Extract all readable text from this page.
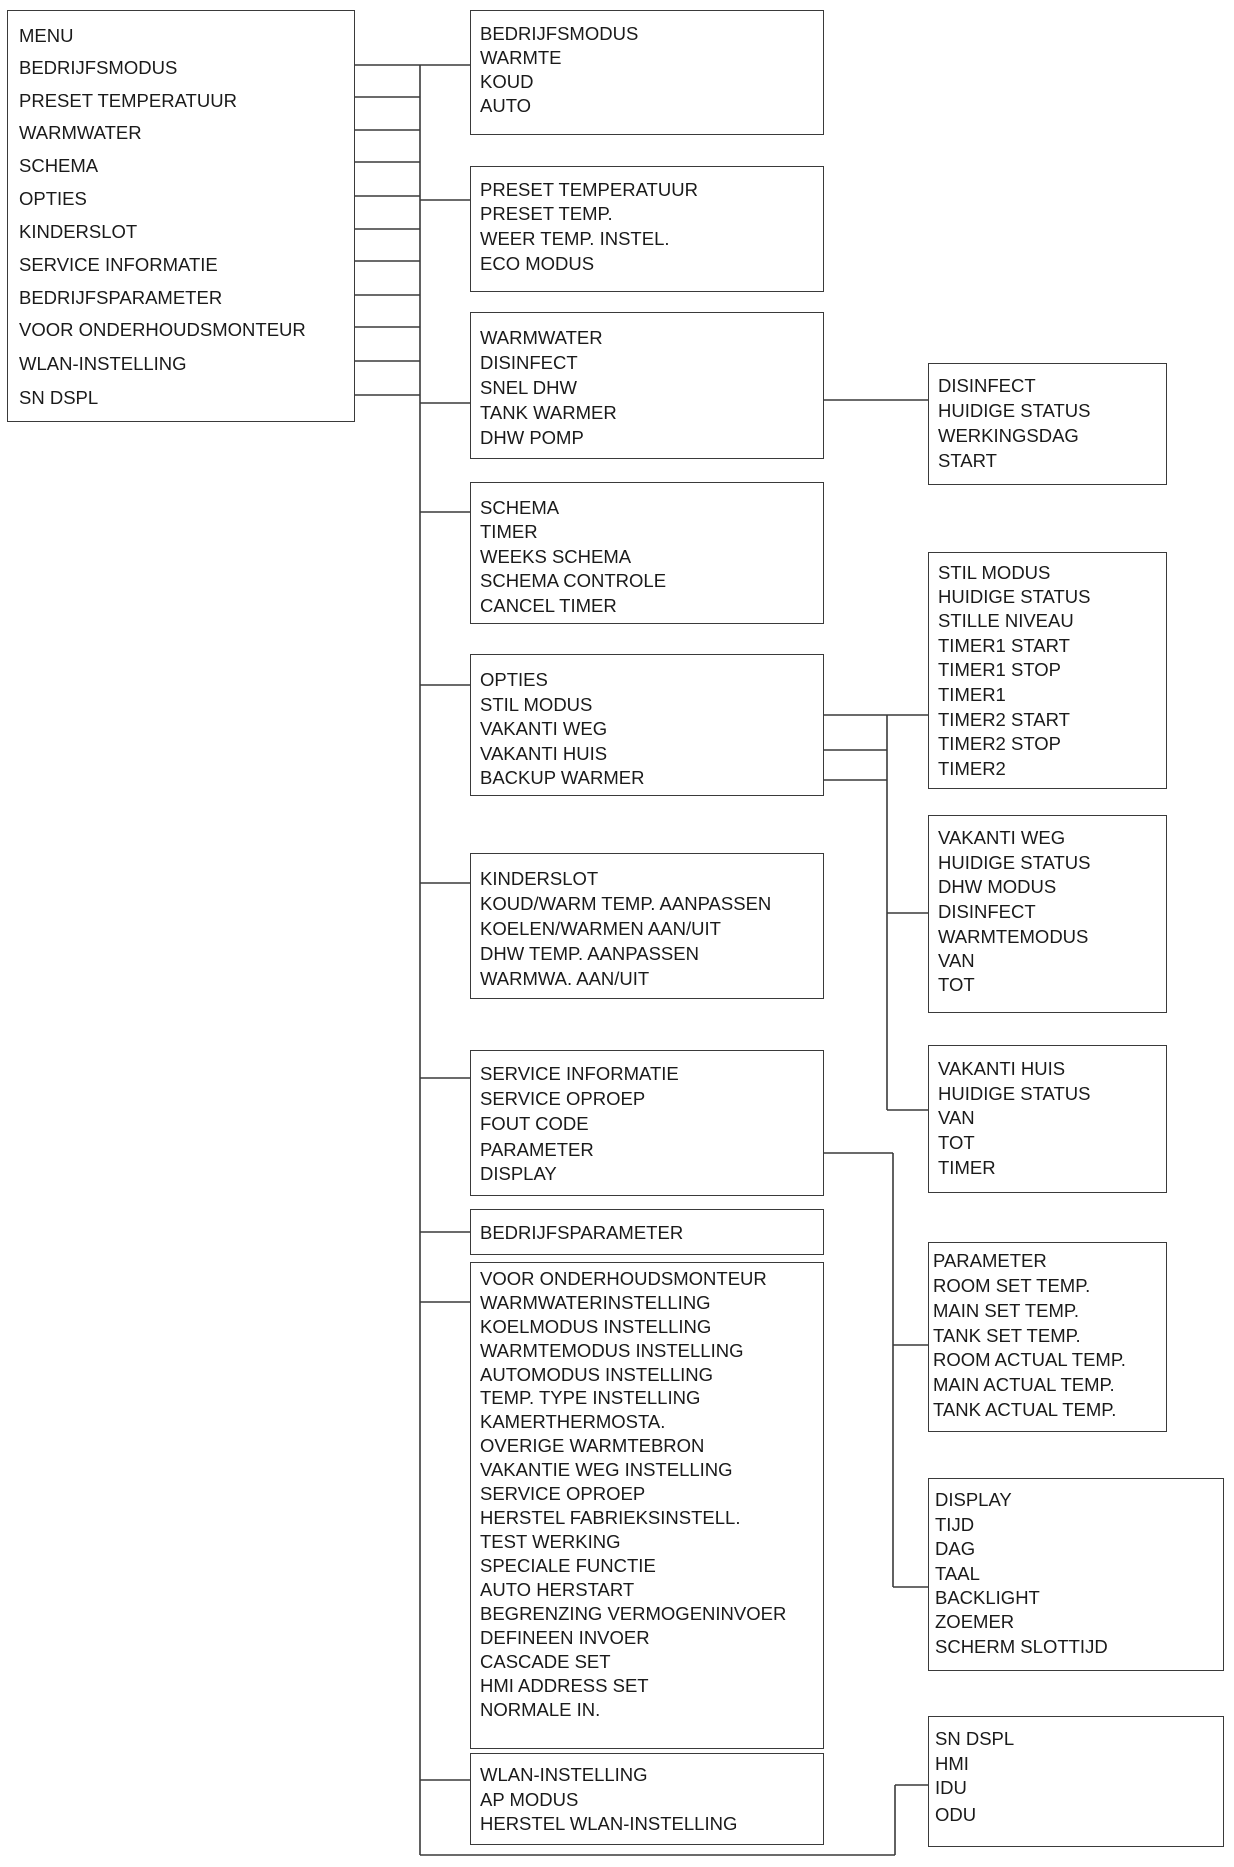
MENU
BEDRIJFSMODUS
PRESET TEMPERATUUR
WARMWATER
SCHEMA
OPTIES
KINDERSLOT
SERVICE INFORMATIE
BEDRIJFSPARAMETER
VOOR ONDERHOUDSMONTEUR
WLAN-INSTELLING
SN DSPL
BEDRIJFSMODUS
WARMTE
KOUD
AUTO
PRESET TEMPERATUUR
PRESET TEMP.
WEER TEMP. INSTEL.
ECO MODUS
WARMWATER
DISINFECT
SNEL DHW
TANK WARMER
DHW POMP
SCHEMA
TIMER
WEEKS SCHEMA
SCHEMA CONTROLE
CANCEL TIMER
OPTIES
STIL MODUS
VAKANTI WEG
VAKANTI HUIS
BACKUP WARMER
KINDERSLOT
KOUD/WARM TEMP. AANPASSEN
KOELEN/WARMEN AAN/UIT
DHW TEMP. AANPASSEN
WARMWA. AAN/UIT
SERVICE INFORMATIE
SERVICE OPROEP
FOUT CODE
PARAMETER
DISPLAY
BEDRIJFSPARAMETER
VOOR ONDERHOUDSMONTEUR
WARMWATERINSTELLING
KOELMODUS INSTELLING
WARMTEMODUS INSTELLING
AUTOMODUS INSTELLING
TEMP. TYPE INSTELLING
KAMERTHERMOSTA.
OVERIGE WARMTEBRON
VAKANTIE WEG INSTELLING
SERVICE OPROEP
HERSTEL FABRIEKSINSTELL.
TEST WERKING
SPECIALE FUNCTIE
AUTO HERSTART
BEGRENZING VERMOGENINVOER
DEFINEEN INVOER
CASCADE SET
HMI ADDRESS SET
NORMALE IN.
WLAN-INSTELLING
AP MODUS
HERSTEL WLAN-INSTELLING
DISINFECT
HUIDIGE STATUS
WERKINGSDAG
START
STIL MODUS
HUIDIGE STATUS
STILLE NIVEAU
TIMER1 START
TIMER1 STOP
TIMER1
TIMER2 START
TIMER2 STOP
TIMER2
VAKANTI WEG
HUIDIGE STATUS
DHW MODUS
DISINFECT
WARMTEMODUS
VAN
TOT
VAKANTI HUIS
HUIDIGE STATUS
VAN
TOT
TIMER
PARAMETER
ROOM SET TEMP.
MAIN SET TEMP.
TANK SET TEMP.
ROOM ACTUAL TEMP.
MAIN ACTUAL TEMP.
TANK ACTUAL TEMP.
DISPLAY
TIJD
DAG
TAAL
BACKLIGHT
ZOEMER
SCHERM SLOTTIJD
SN DSPL
HMI
IDU
ODU
